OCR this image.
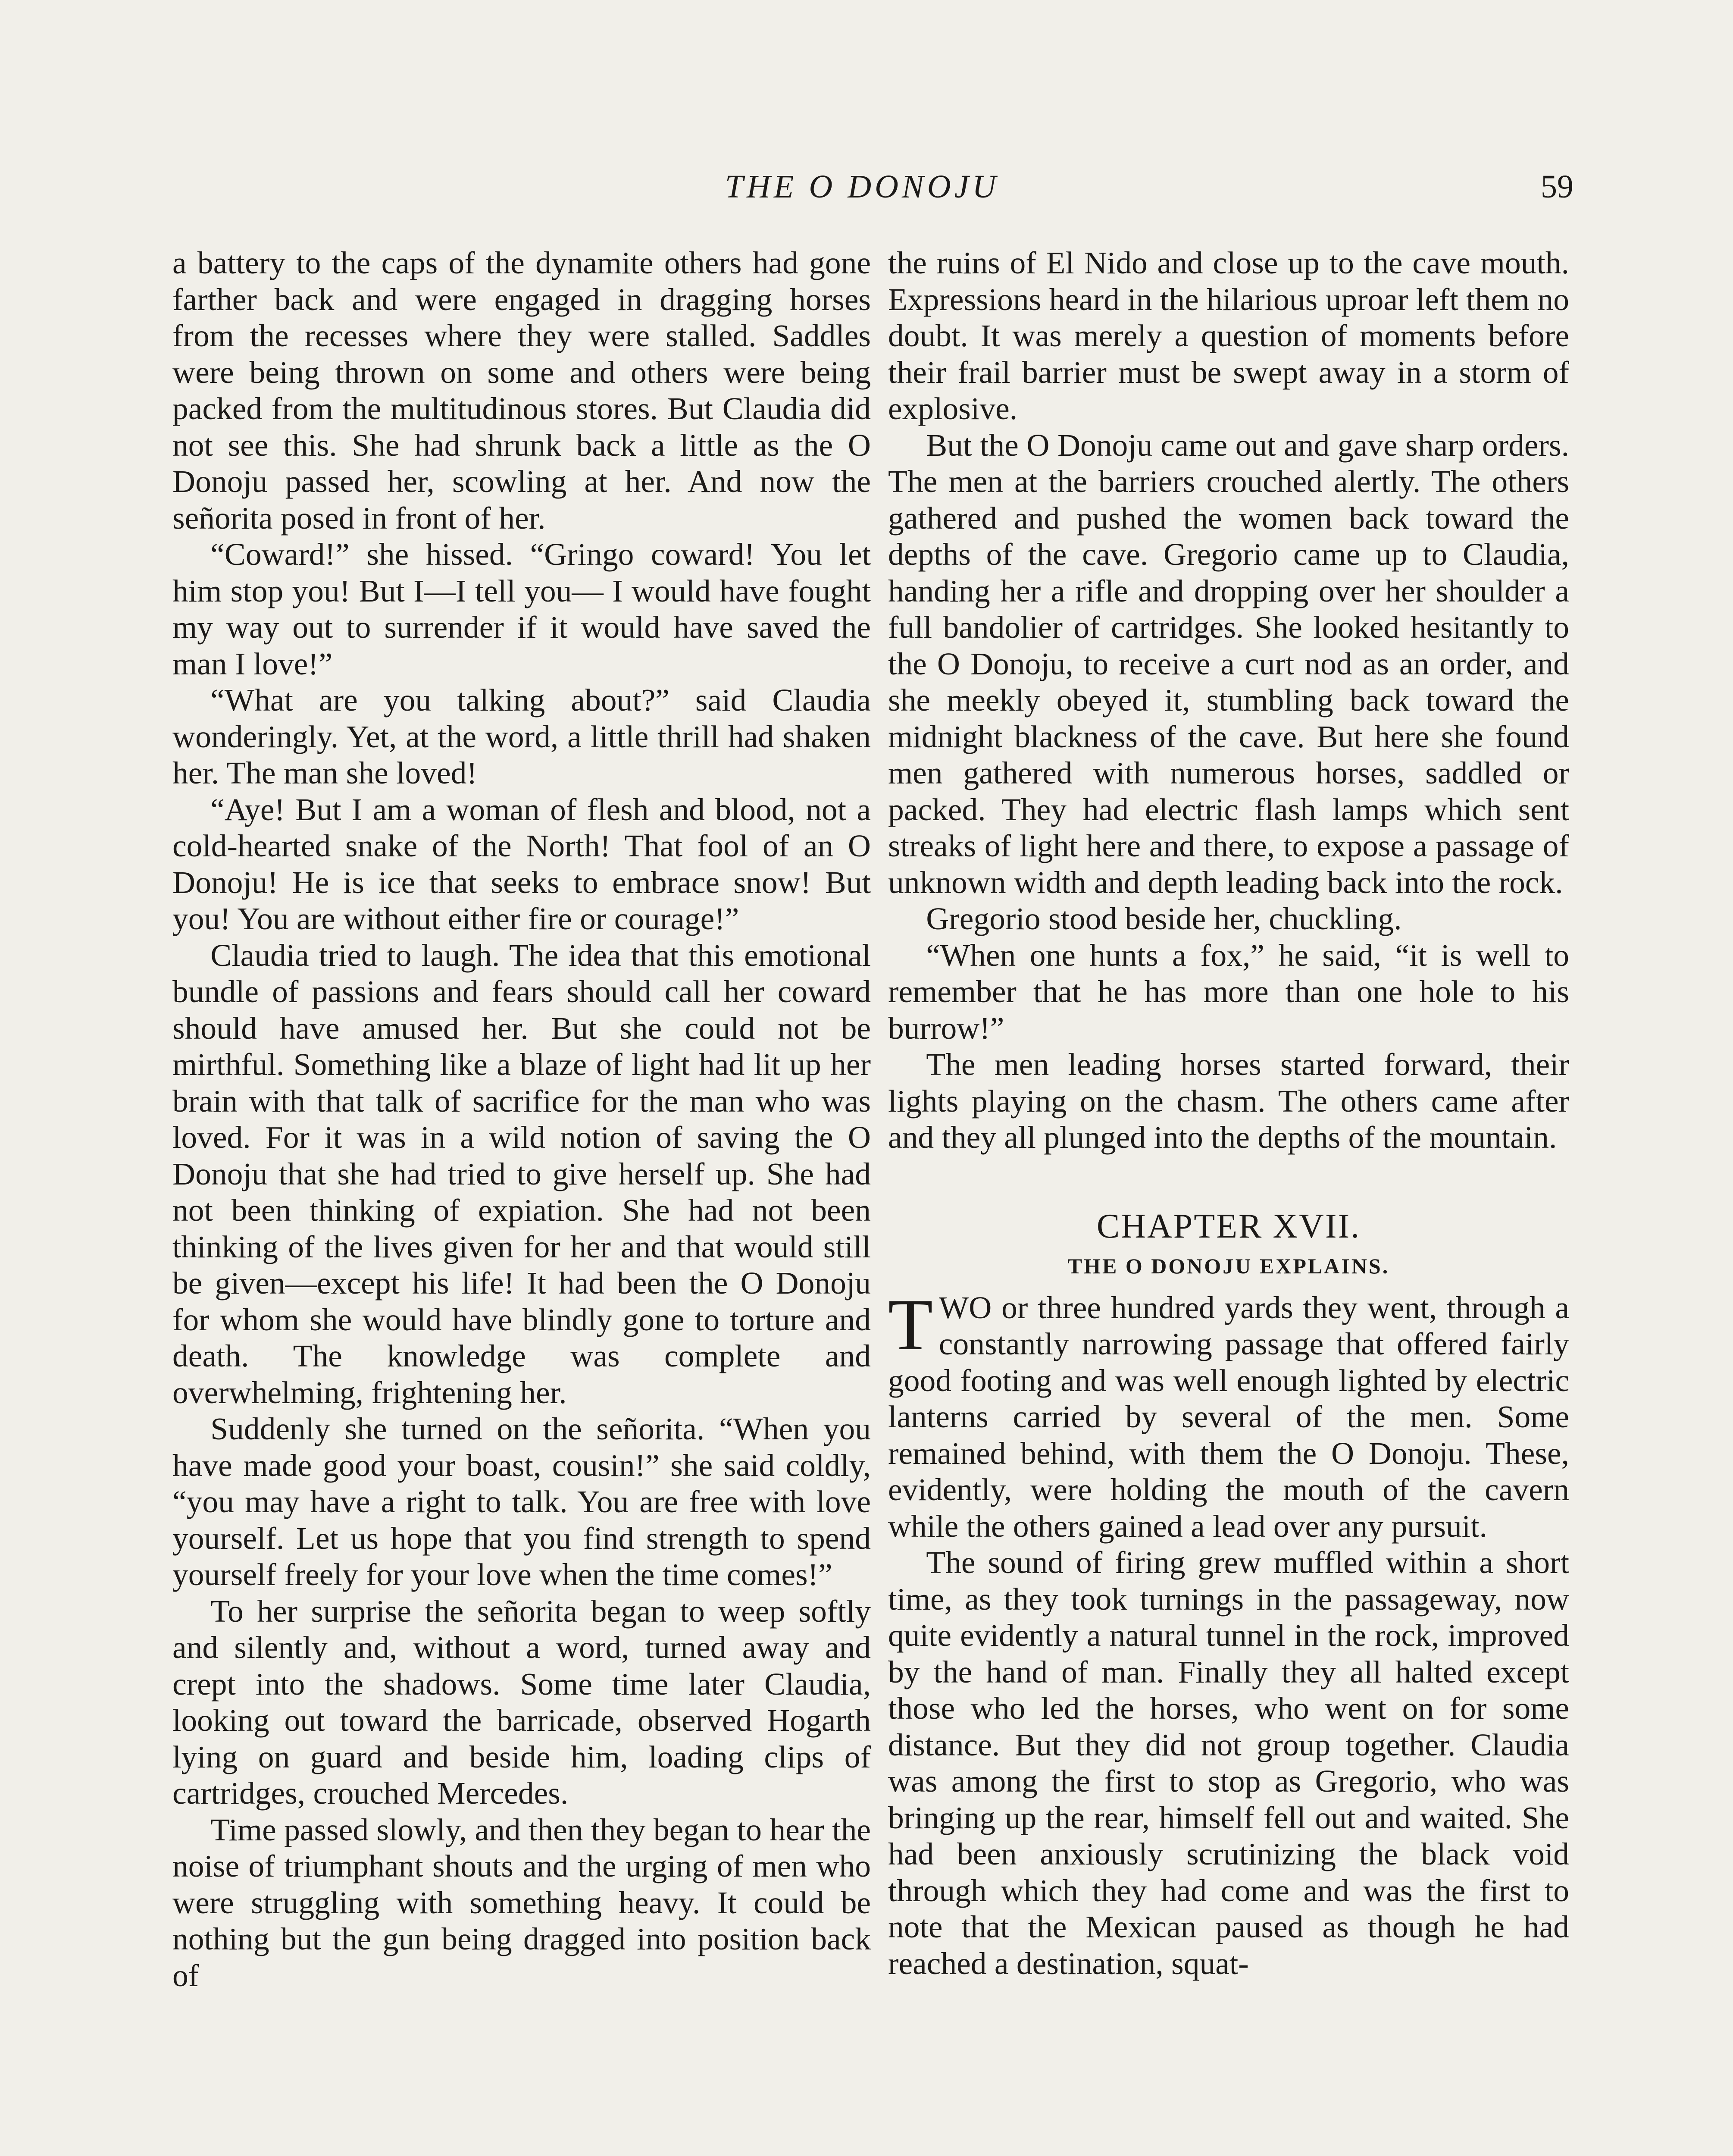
THE O DONOJU	59

a battery to the caps of the dynamite others had gone farther back and were engaged in dragging horses from the recesses where they were stalled. Saddles were being thrown on some and others were being packed from the multitudinous stores. But Claudia did not see this. She had shrunk back a little as the O Donoju passed her, scowling at her. And now the señorita posed in front of her.

“Coward!” she hissed. “Gringo coward! You let him stop you! But I—I tell you— I would have fought my way out to surrender if it would have saved the man I love!”

“What are you talking about?” said Claudia wonderingly. Yet, at the word, a little thrill had shaken her. The man she loved!

“Aye! But I am a woman of flesh and blood, not a cold-hearted snake of the North! That fool of an O Donoju! He is ice that seeks to embrace snow! But you! You are without either fire or courage!”

Claudia tried to laugh. The idea that this emotional bundle of passions and fears should call her coward should have amused her. But she could not be mirthful. Something like a blaze of light had lit up her brain with that talk of sacrifice for the man who was loved. For it was in a wild notion of saving the O Donoju that she had tried to give herself up. She had not been thinking of expiation. She had not been thinking of the lives given for her and that would still be given—except his life! It had been the O Donoju for whom she would have blindly gone to torture and death. The knowledge was complete and overwhelming, frightening her.

Suddenly she turned on the señorita. “When you have made good your boast, cousin!” she said coldly, “you may have a right to talk. You are free with love yourself. Let us hope that you find strength to spend yourself freely for your love when the time comes!”

To her surprise the señorita began to weep softly and silently and, without a word, turned away and crept into the shadows. Some time later Claudia, looking out toward the barricade, observed Hogarth lying on guard and beside him, loading clips of cartridges, crouched Mercedes.

Time passed slowly, and then they began to hear the noise of triumphant shouts and the urging of men who were struggling with something heavy. It could be nothing but the gun being dragged into position back of

the ruins of El Nido and close up to the cave mouth. Expressions heard in the hilarious uproar left them no doubt. It was merely a question of moments before their frail barrier must be swept away in a storm of explosive.

But the O Donoju came out and gave sharp orders. The men at the barriers crouched alertly. The others gathered and pushed the women back toward the depths of the cave. Gregorio came up to Claudia, handing her a rifle and dropping over her shoulder a full bandolier of cartridges. She looked hesitantly to the O Donoju, to receive a curt nod as an order, and she meekly obeyed it, stumbling back toward the midnight blackness of the cave. But here she found men gathered with numerous horses, saddled or packed. They had electric flash lamps which sent streaks of light here and there, to expose a passage of unknown width and depth leading back into the rock.

Gregorio stood beside her, chuckling.

“When one hunts a fox,” he said, “it is well to remember that he has more than one hole to his burrow!”

The men leading horses started forward, their lights playing on the chasm. The others came after and they all plunged into the depths of the mountain.

CHAPTER XVII.
THE O DONOJU EXPLAINS.

TWO or three hundred yards they went, through a constantly narrowing passage that offered fairly good footing and was well enough lighted by electric lanterns carried by several of the men. Some remained behind, with them the O Donoju. These, evidently, were holding the mouth of the cavern while the others gained a lead over any pursuit.

The sound of firing grew muffled within a short time, as they took turnings in the passageway, now quite evidently a natural tunnel in the rock, improved by the hand of man. Finally they all halted except those who led the horses, who went on for some distance. But they did not group together. Claudia was among the first to stop as Gregorio, who was bringing up the rear, himself fell out and waited. She had been anxiously scrutinizing the black void through which they had come and was the first to note that the Mexican paused as though he had reached a destination, squat-
